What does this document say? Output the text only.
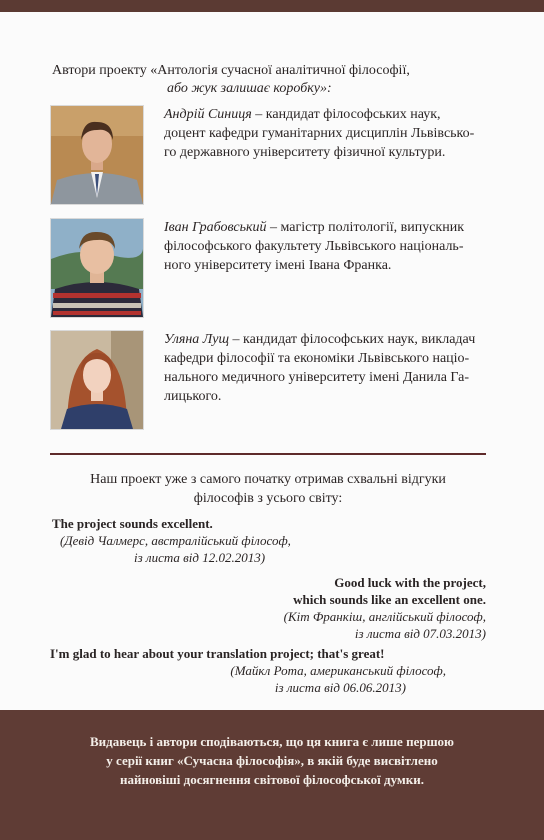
Автори проекту «Антологія сучасної аналітичної філософії,
або жук залишає коробку»:
Андрій Синиця – кандидат філософських наук,
доцент кафедри гуманітарних дисциплін Львівсько-
го державного університету фізичної культури.
Іван Грабовський – магістр політології, випускник
філософського факультету Львівського національ-
ного університету імені Івана Франка.
Уляна Лущ – кандидат філософських наук, викладач
кафедри філософії та економіки Львівського націо-
нального медичного університету імені Данила Га-
лицького.
Наш проект уже з самого початку отримав схвальні відгуки
філософів з усього світу:
The project sounds excellent.
(Девід Чалмерс, австралійський філософ,
із листа від 12.02.2013)
Good luck with the project,
which sounds like an excellent one.
(Кіт Франкіш, англійський філософ,
із листа від 07.03.2013)
I'm glad to hear about your translation project; that's great!
(Майкл Рота, американський філософ,
із листа від 06.06.2013)
Видавець і автори сподіваються, що ця книга є лише першою
у серії книг «Сучасна філософія», в якій буде висвітлено
найновіші досягнення світової філософської думки.
